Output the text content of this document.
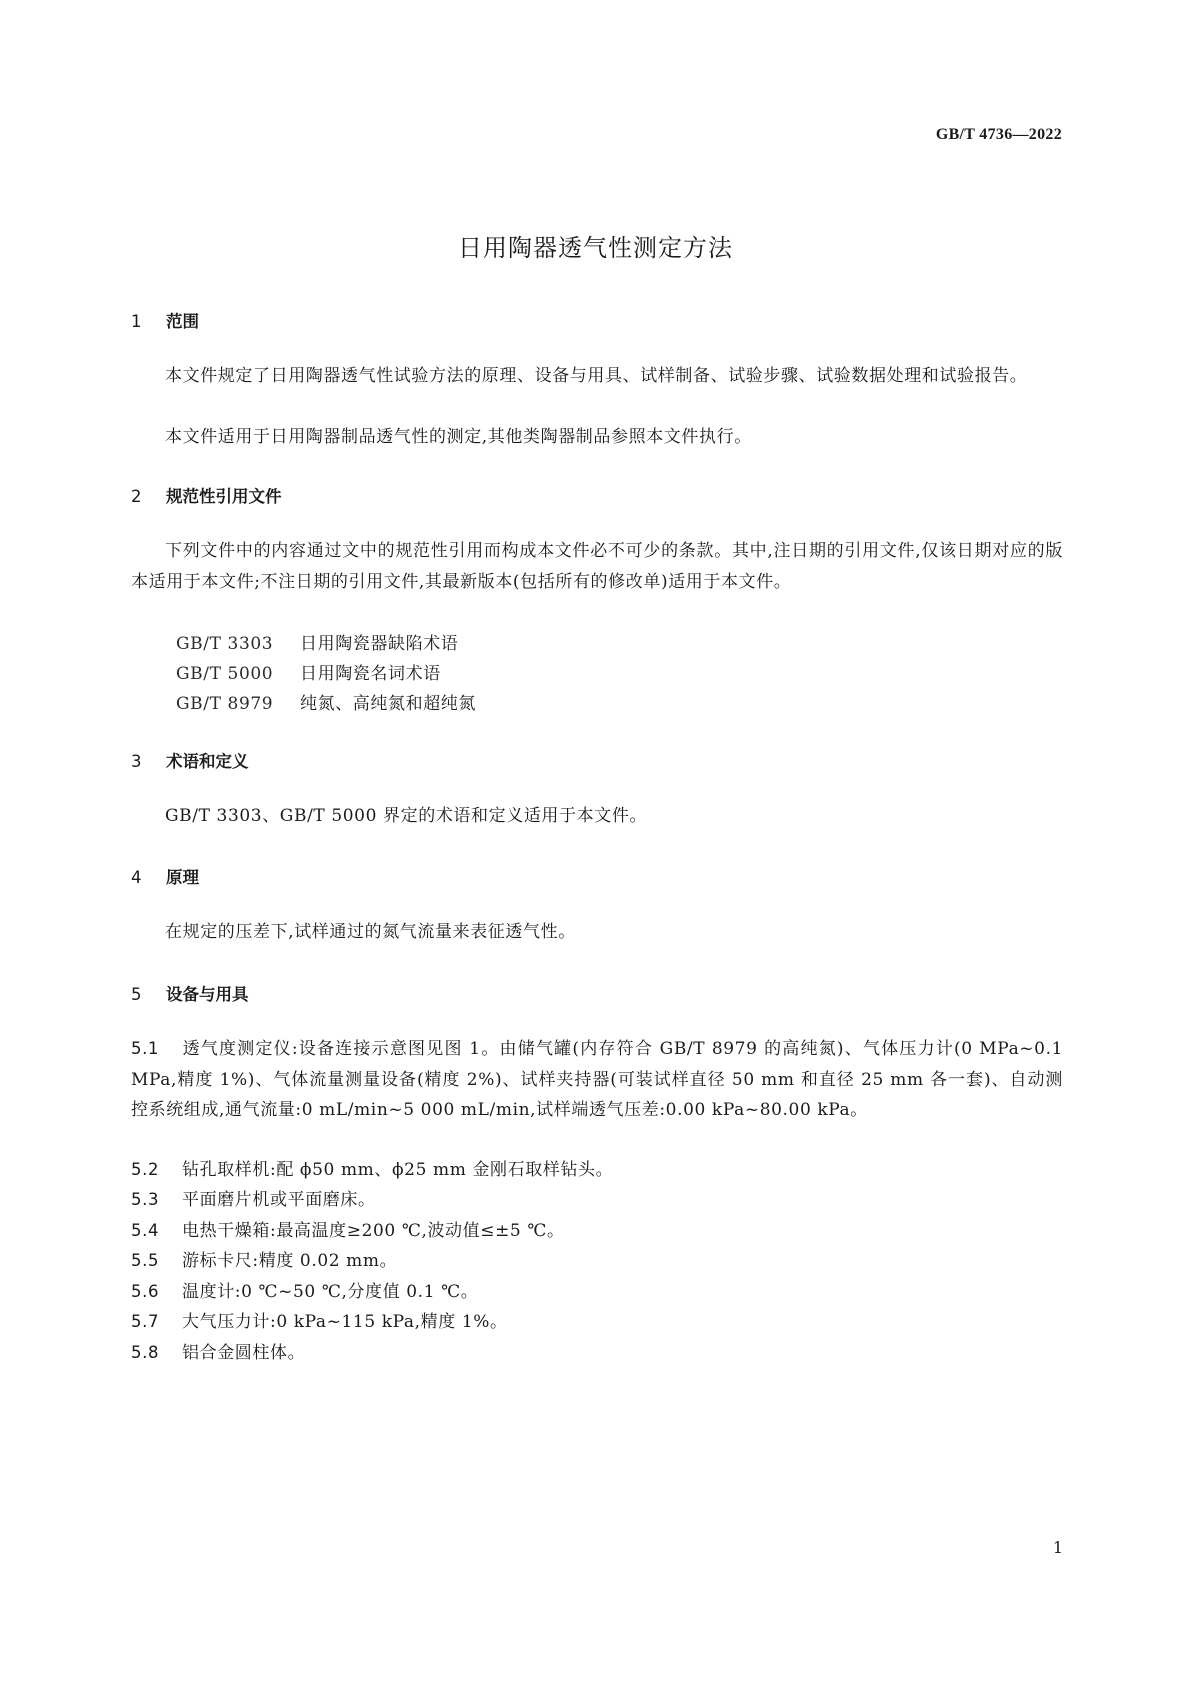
GB/T 4736—2022
日用陶器透气性测定方法
1 范围
本文件规定了日用陶器透气性试验方法的原理、设备与用具、试样制备、试验步骤、试验数据处理和试验报告。
本文件适用于日用陶器制品透气性的测定,其他类陶器制品参照本文件执行。
2 规范性引用文件
下列文件中的内容通过文中的规范性引用而构成本文件必不可少的条款。其中,注日期的引用文件,仅该日期对应的版本适用于本文件;不注日期的引用文件,其最新版本(包括所有的修改单)适用于本文件。
GB/T 3303 日用陶瓷器缺陷术语
GB/T 5000 日用陶瓷名词术语
GB/T 8979 纯氮、高纯氮和超纯氮
3 术语和定义
GB/T 3303、GB/T 5000 界定的术语和定义适用于本文件。
4 原理
在规定的压差下,试样通过的氮气流量来表征透气性。
5 设备与用具
5.1 透气度测定仪:设备连接示意图见图 1。由储气罐(内存符合 GB/T 8979 的高纯氮)、气体压力计(0 MPa~0.1 MPa,精度 1%)、气体流量测量设备(精度 2%)、试样夹持器(可装试样直径 50 mm 和直径 25 mm 各一套)、自动测控系统组成,通气流量:0 mL/min~5 000 mL/min,试样端透气压差:0.00 kPa~80.00 kPa。
5.2 钻孔取样机:配 ϕ50 mm、ϕ25 mm 金刚石取样钻头。
5.3 平面磨片机或平面磨床。
5.4 电热干燥箱:最高温度≥200 ℃,波动值≤±5 ℃。
5.5 游标卡尺:精度 0.02 mm。
5.6 温度计:0 ℃~50 ℃,分度值 0.1 ℃。
5.7 大气压力计:0 kPa~115 kPa,精度 1%。
5.8 铝合金圆柱体。
1
